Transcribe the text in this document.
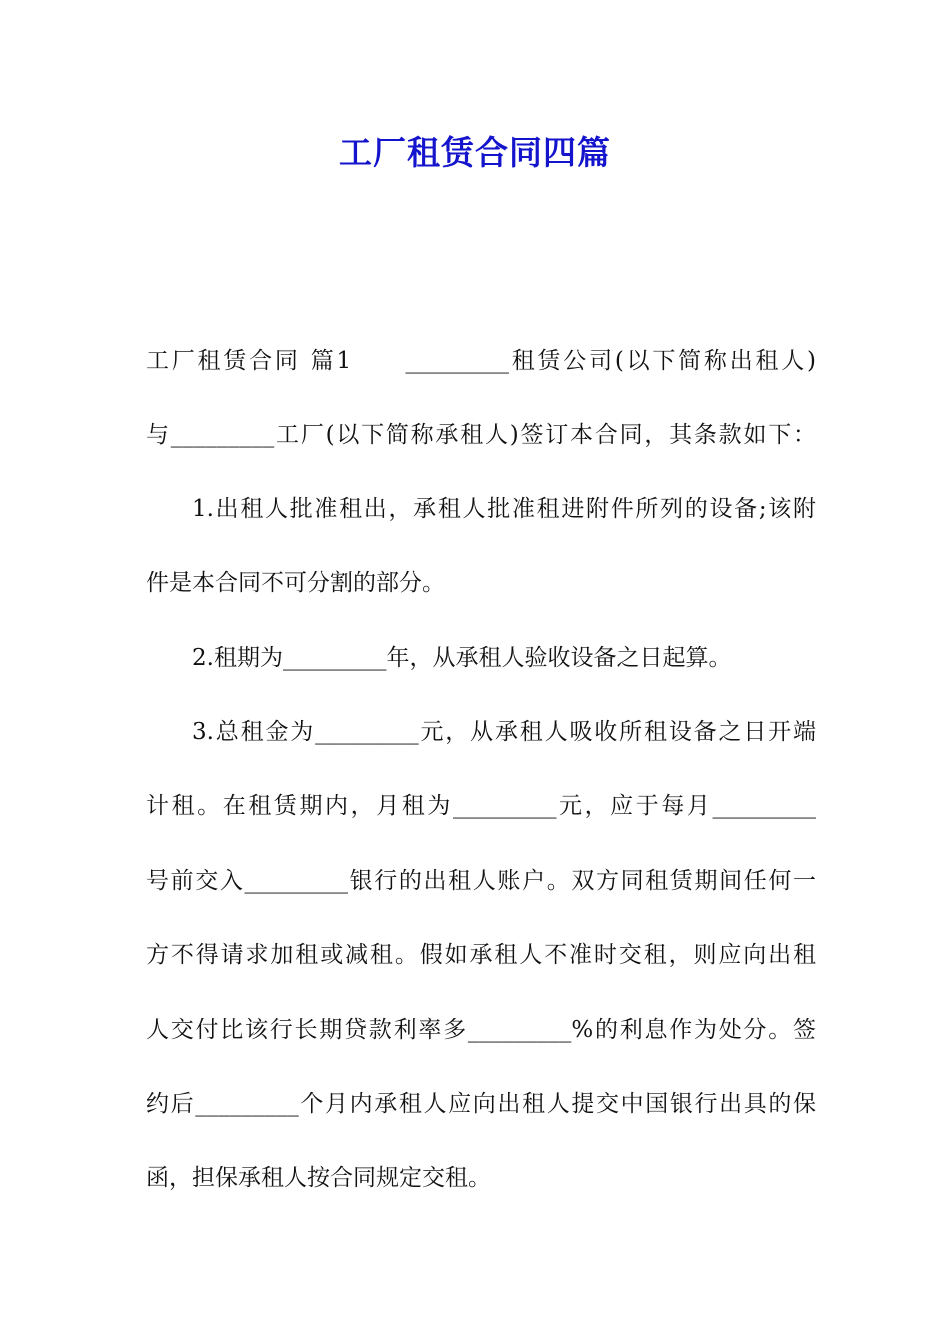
工厂租赁合同四篇
工厂租赁合同 篇1　　_________租赁公司(以下简称出租人)
与_________工厂(以下简称承租人)签订本合同，其条款如下：
1.出租人批准租出，承租人批准租进附件所列的设备;该附
件是本合同不可分割的部分。
2.租期为_________年，从承租人验收设备之日起算。
3.总租金为_________元，从承租人吸收所租设备之日开端
计租。在租赁期内，月租为_________元，应于每月_________
号前交入_________银行的出租人账户。双方同租赁期间任何一
方不得请求加租或减租。假如承租人不准时交租，则应向出租
人交付比该行长期贷款利率多_________%的利息作为处分。签
约后_________个月内承租人应向出租人提交中国银行出具的保
函，担保承租人按合同规定交租。
